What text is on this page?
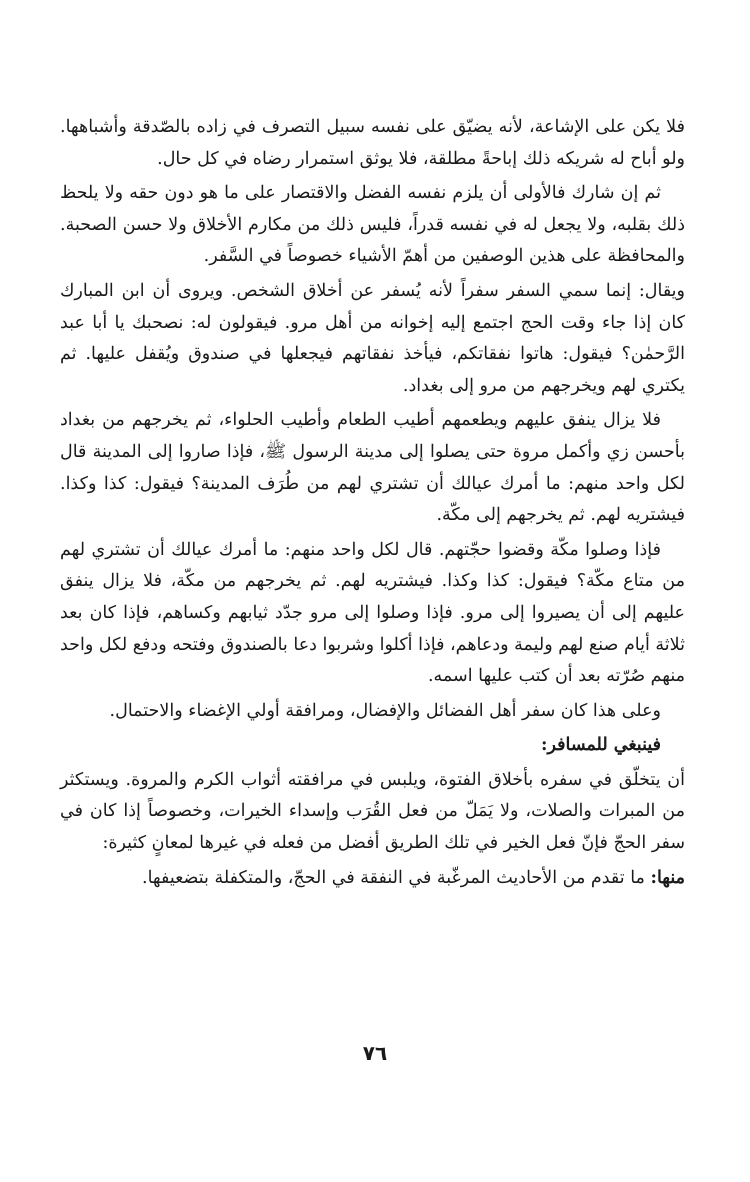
فلا يكن على الإشاعة، لأنه يضيّق على نفسه سبيل التصرف في زاده بالصّدقة وأشباهها. ولو أباح له شريكه ذلك إباحةً مطلقة، فلا يوثق استمرار رضاه في كل حال.

ثم إن شارك فالأولى أن يلزم نفسه الفضل والاقتصار على ما هو دون حقه ولا يلحظ ذلك بقلبه، ولا يجعل له في نفسه قدراً، فليس ذلك من مكارم الأخلاق ولا حسن الصحبة. والمحافظة على هذين الوصفين من أهمّ الأشياء خصوصاً في السَّفر.

ويقال: إنما سمي السفر سفراً لأنه يُسفر عن أخلاق الشخص. ويروى أن ابن المبارك كان إذا جاء وقت الحج اجتمع إليه إخوانه من أهل مرو. فيقولون له: نصحبك يا أبا عبد الرَّحمٰن؟ فيقول: هاتوا نفقاتكم، فيأخذ نفقاتهم فيجعلها في صندوق ويُقفل عليها. ثم يكتري لهم ويخرجهم من مرو إلى بغداد.

فلا يزال ينفق عليهم ويطعمهم أطيب الطعام وأطيب الحلواء، ثم يخرجهم من بغداد بأحسن زي وأكمل مروة حتى يصلوا إلى مدينة الرسول ﷺ، فإذا صاروا إلى المدينة قال لكل واحد منهم: ما أمرك عيالك أن تشتري لهم من طُرَف المدينة؟ فيقول: كذا وكذا. فيشتريه لهم. ثم يخرجهم إلى مكّة.

فإذا وصلوا مكّة وقضوا حجّتهم. قال لكل واحد منهم: ما أمرك عيالك أن تشتري لهم من متاع مكّة؟ فيقول: كذا وكذا. فيشتريه لهم. ثم يخرجهم من مكّة، فلا يزال ينفق عليهم إلى أن يصيروا إلى مرو. فإذا وصلوا إلى مرو جدّد ثيابهم وكساهم، فإذا كان بعد ثلاثة أيام صنع لهم وليمة ودعاهم، فإذا أكلوا وشربوا دعا بالصندوق وفتحه ودفع لكل واحد منهم صُرّته بعد أن كتب عليها اسمه.

وعلى هذا كان سفر أهل الفضائل والإفضال، ومرافقة أولي الإغضاء والاحتمال.

فينبغي للمسافر:

أن يتخلّق في سفره بأخلاق الفتوة، ويلبس في مرافقته أثواب الكرم والمروة. ويستكثر من المبرات والصلات، ولا يَمَلّ من فعل القُرَب وإسداء الخيرات، وخصوصاً إذا كان في سفر الحجّ فإنّ فعل الخير في تلك الطريق أفضل من فعله في غيرها لمعانٍ كثيرة:

منها: ما تقدم من الأحاديث المرغّبة في النفقة في الحجّ، والمتكفلة بتضعيفها.

٧٦
